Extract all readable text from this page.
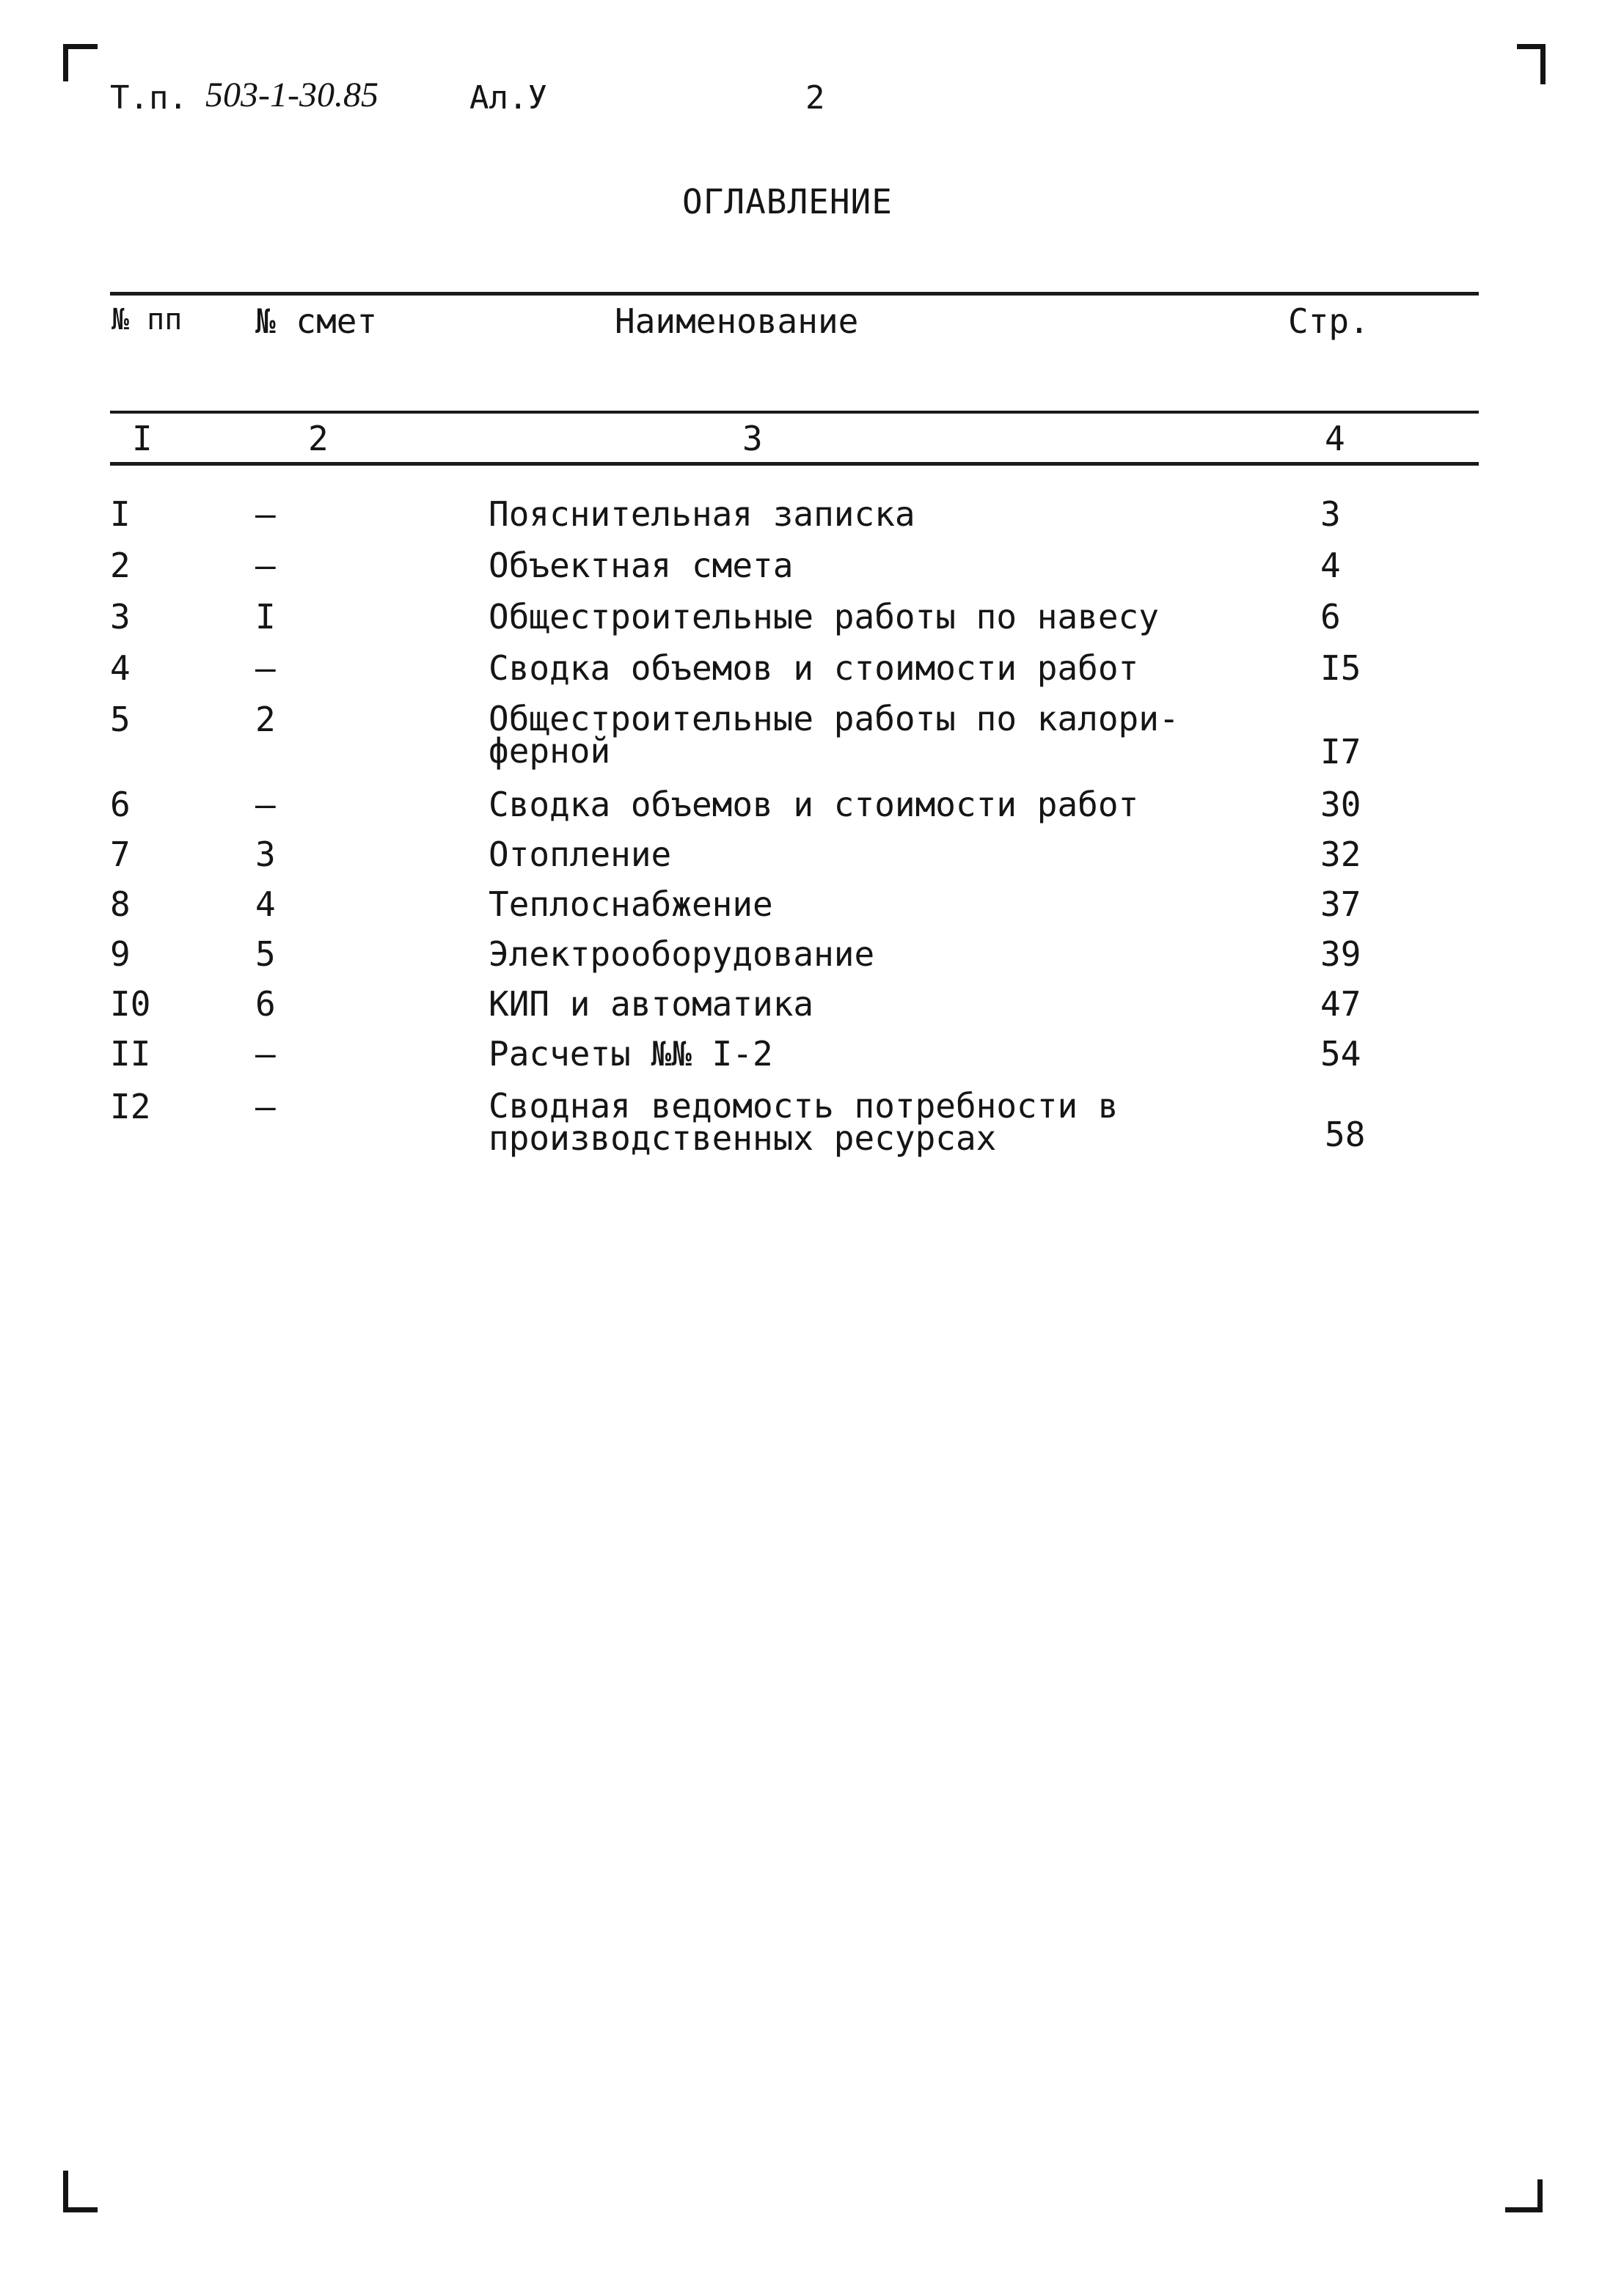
Т.п. 503-1-30.85	Ал.У	2
ОГЛАВЛЕНИЕ
№ пп	№ смет	Наименование	Стр.
I	2	3	4
I	–	Пояснительная записка	3
2	–	Объектная смета	4
3	I	Общестроительные работы по навесу	6
4	–	Сводка объемов и стоимости работ	I5
5	2	Общестроительные работы по калори-ферной	I7
6	–	Сводка объемов и стоимости работ	30
7	3	Отопление	32
8	4	Теплоснабжение	37
9	5	Электрооборудование	39
I0	6	КИП и автоматика	47
II	–	Расчеты №№ I-2	54
I2	–	Сводная ведомость потребности в производственных ресурсах	58
